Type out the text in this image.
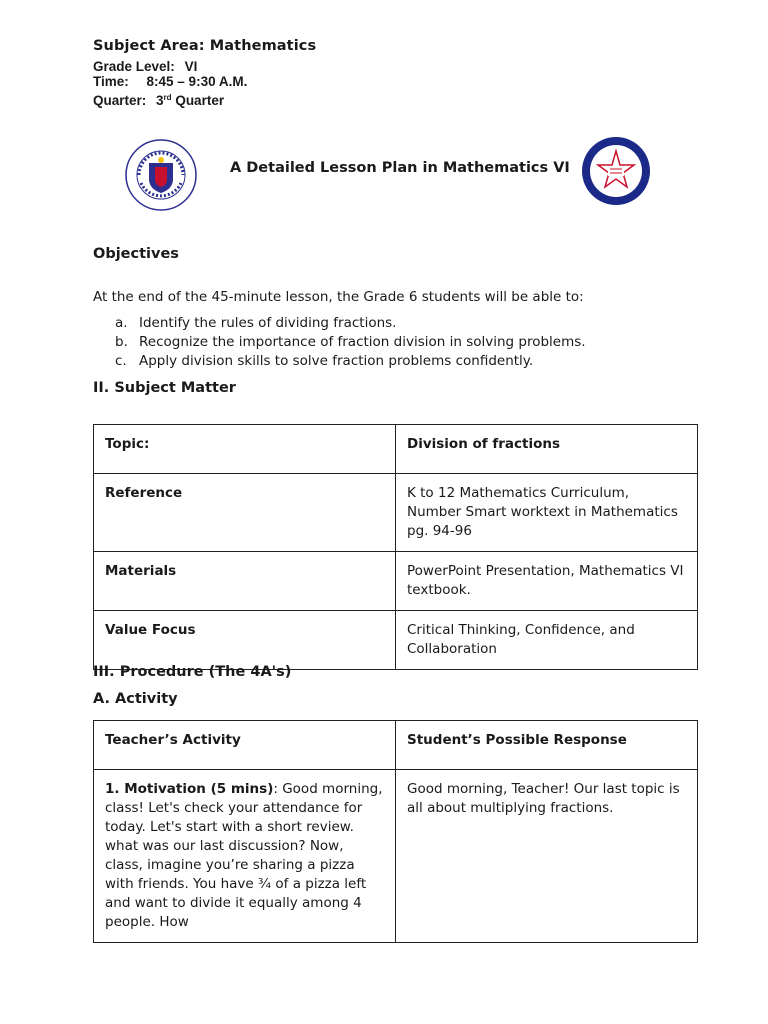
Subject Area: Mathematics
Grade Level: VI
Time: 8:45 – 9:30 A.M.
Quarter: 3rd Quarter
A Detailed Lesson Plan in Mathematics VI
Objectives
At the end of the 45-minute lesson, the Grade 6 students will be able to:
a. Identify the rules of dividing fractions.
b. Recognize the importance of fraction division in solving problems.
c. Apply division skills to solve fraction problems confidently.
II. Subject Matter
Topic:	Division of fractions
Reference	K to 12 Mathematics Curriculum, Number Smart worktext in Mathematics pg. 94-96
Materials	PowerPoint Presentation, Mathematics VI textbook.
Value Focus	Critical Thinking, Confidence, and Collaboration
III. Procedure (The 4A's)
A. Activity
Teacher’s Activity	Student’s Possible Response
1. Motivation (5 mins): Good morning, class! Let's check your attendance for today. Let's start with a short review. what was our last discussion? Now, class, imagine you’re sharing a pizza with friends. You have ¾ of a pizza left and want to divide it equally among 4 people. How	Good morning, Teacher! Our last topic is all about multiplying fractions.
